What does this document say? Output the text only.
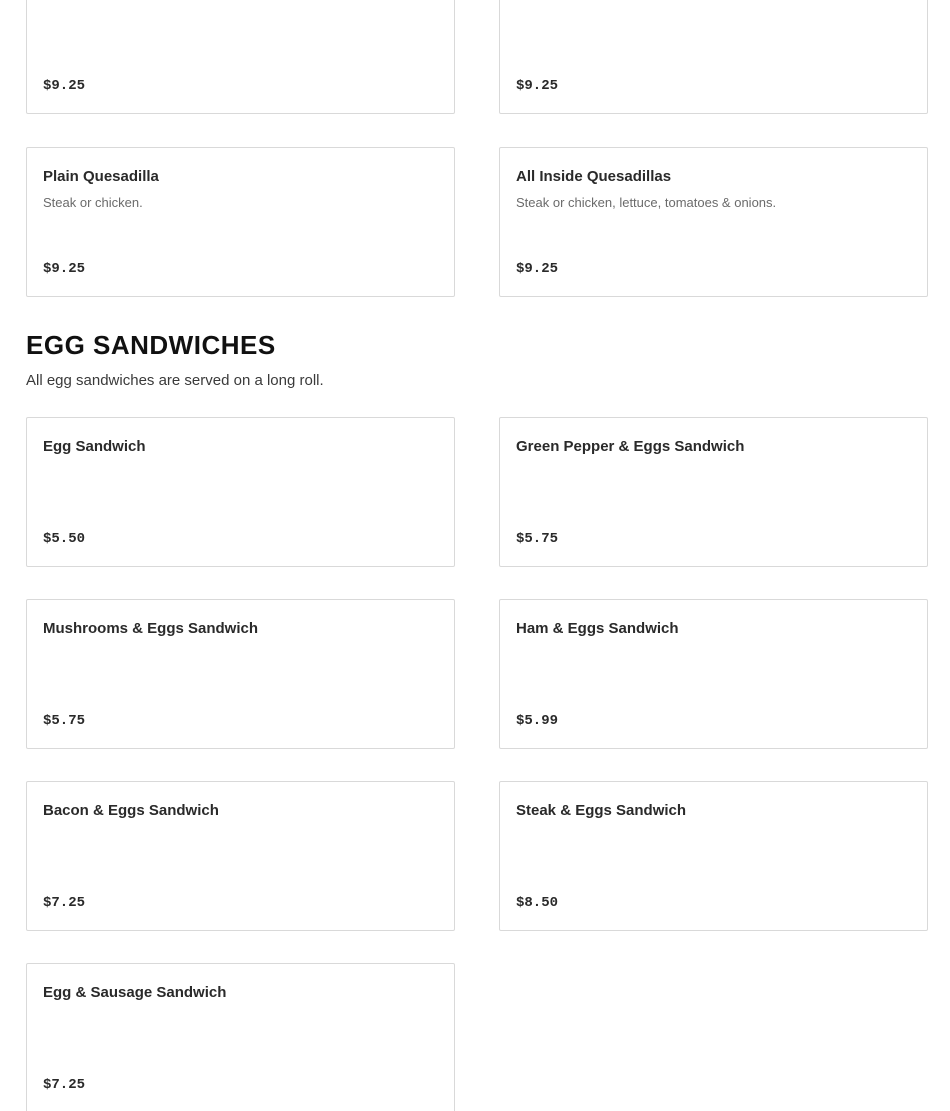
$9.25	$9.25
Plain Quesadilla
Steak or chicken.
$9.25
All Inside Quesadillas
Steak or chicken, lettuce, tomatoes & onions.
$9.25
EGG SANDWICHES

All egg sandwiches are served on a long roll.

Egg Sandwich
$5.50
Green Pepper & Eggs Sandwich
$5.75
Mushrooms & Eggs Sandwich
$5.75
Ham & Eggs Sandwich
$5.99
Bacon & Eggs Sandwich
$7.25
Steak & Eggs Sandwich
$8.50
Egg & Sausage Sandwich
$7.25
